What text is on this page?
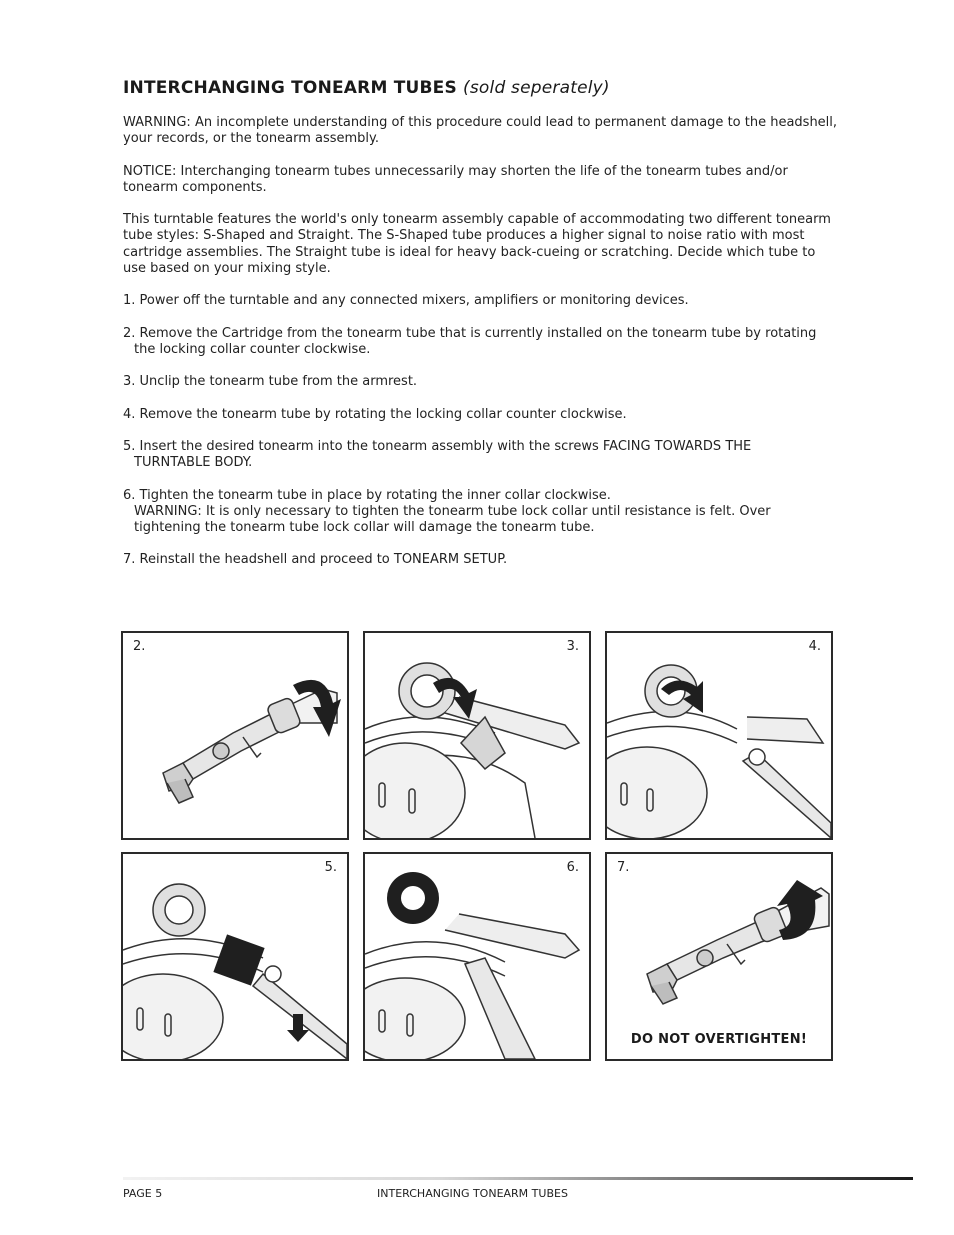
INTERCHANGING TONEARM TUBES (sold seperately)

WARNING: An incomplete understanding of this procedure could lead to permanent damage to the headshell, your records, or the tonearm assembly.

NOTICE: Interchanging tonearm tubes unnecessarily may shorten the life of the tonearm tubes and/or tonearm components.

This turntable features the world's only tonearm assembly capable of accommodating two different tonearm tube styles: S-Shaped and Straight. The S-Shaped tube produces a higher signal to noise ratio with most cartridge assemblies. The Straight tube is ideal for heavy back-cueing or scratching. Decide which tube to use based on your mixing style.

1. Power off the turntable and any connected mixers, amplifiers or monitoring devices.

2. Remove the Cartridge from the tonearm tube that is currently installed on the tonearm tube by rotating
the locking collar counter clockwise.

3. Unclip the tonearm tube from the armrest.

4. Remove the tonearm tube by rotating the locking collar counter clockwise.

5. Insert the desired tonearm into the tonearm assembly with the screws FACING TOWARDS THE
TURNTABLE BODY.

6. Tighten the tonearm tube in place by rotating the inner collar clockwise.
WARNING: It is only necessary to tighten the tonearm tube lock collar until resistance is felt. Over tightening the tonearm tube lock collar will damage the tonearm tube.

7. Reinstall the headshell and proceed to TONEARM SETUP.

2.	3.	4.
5.	6.	7.
DO NOT OVERTIGHTEN!
PAGE 5	INTERCHANGING TONEARM TUBES
